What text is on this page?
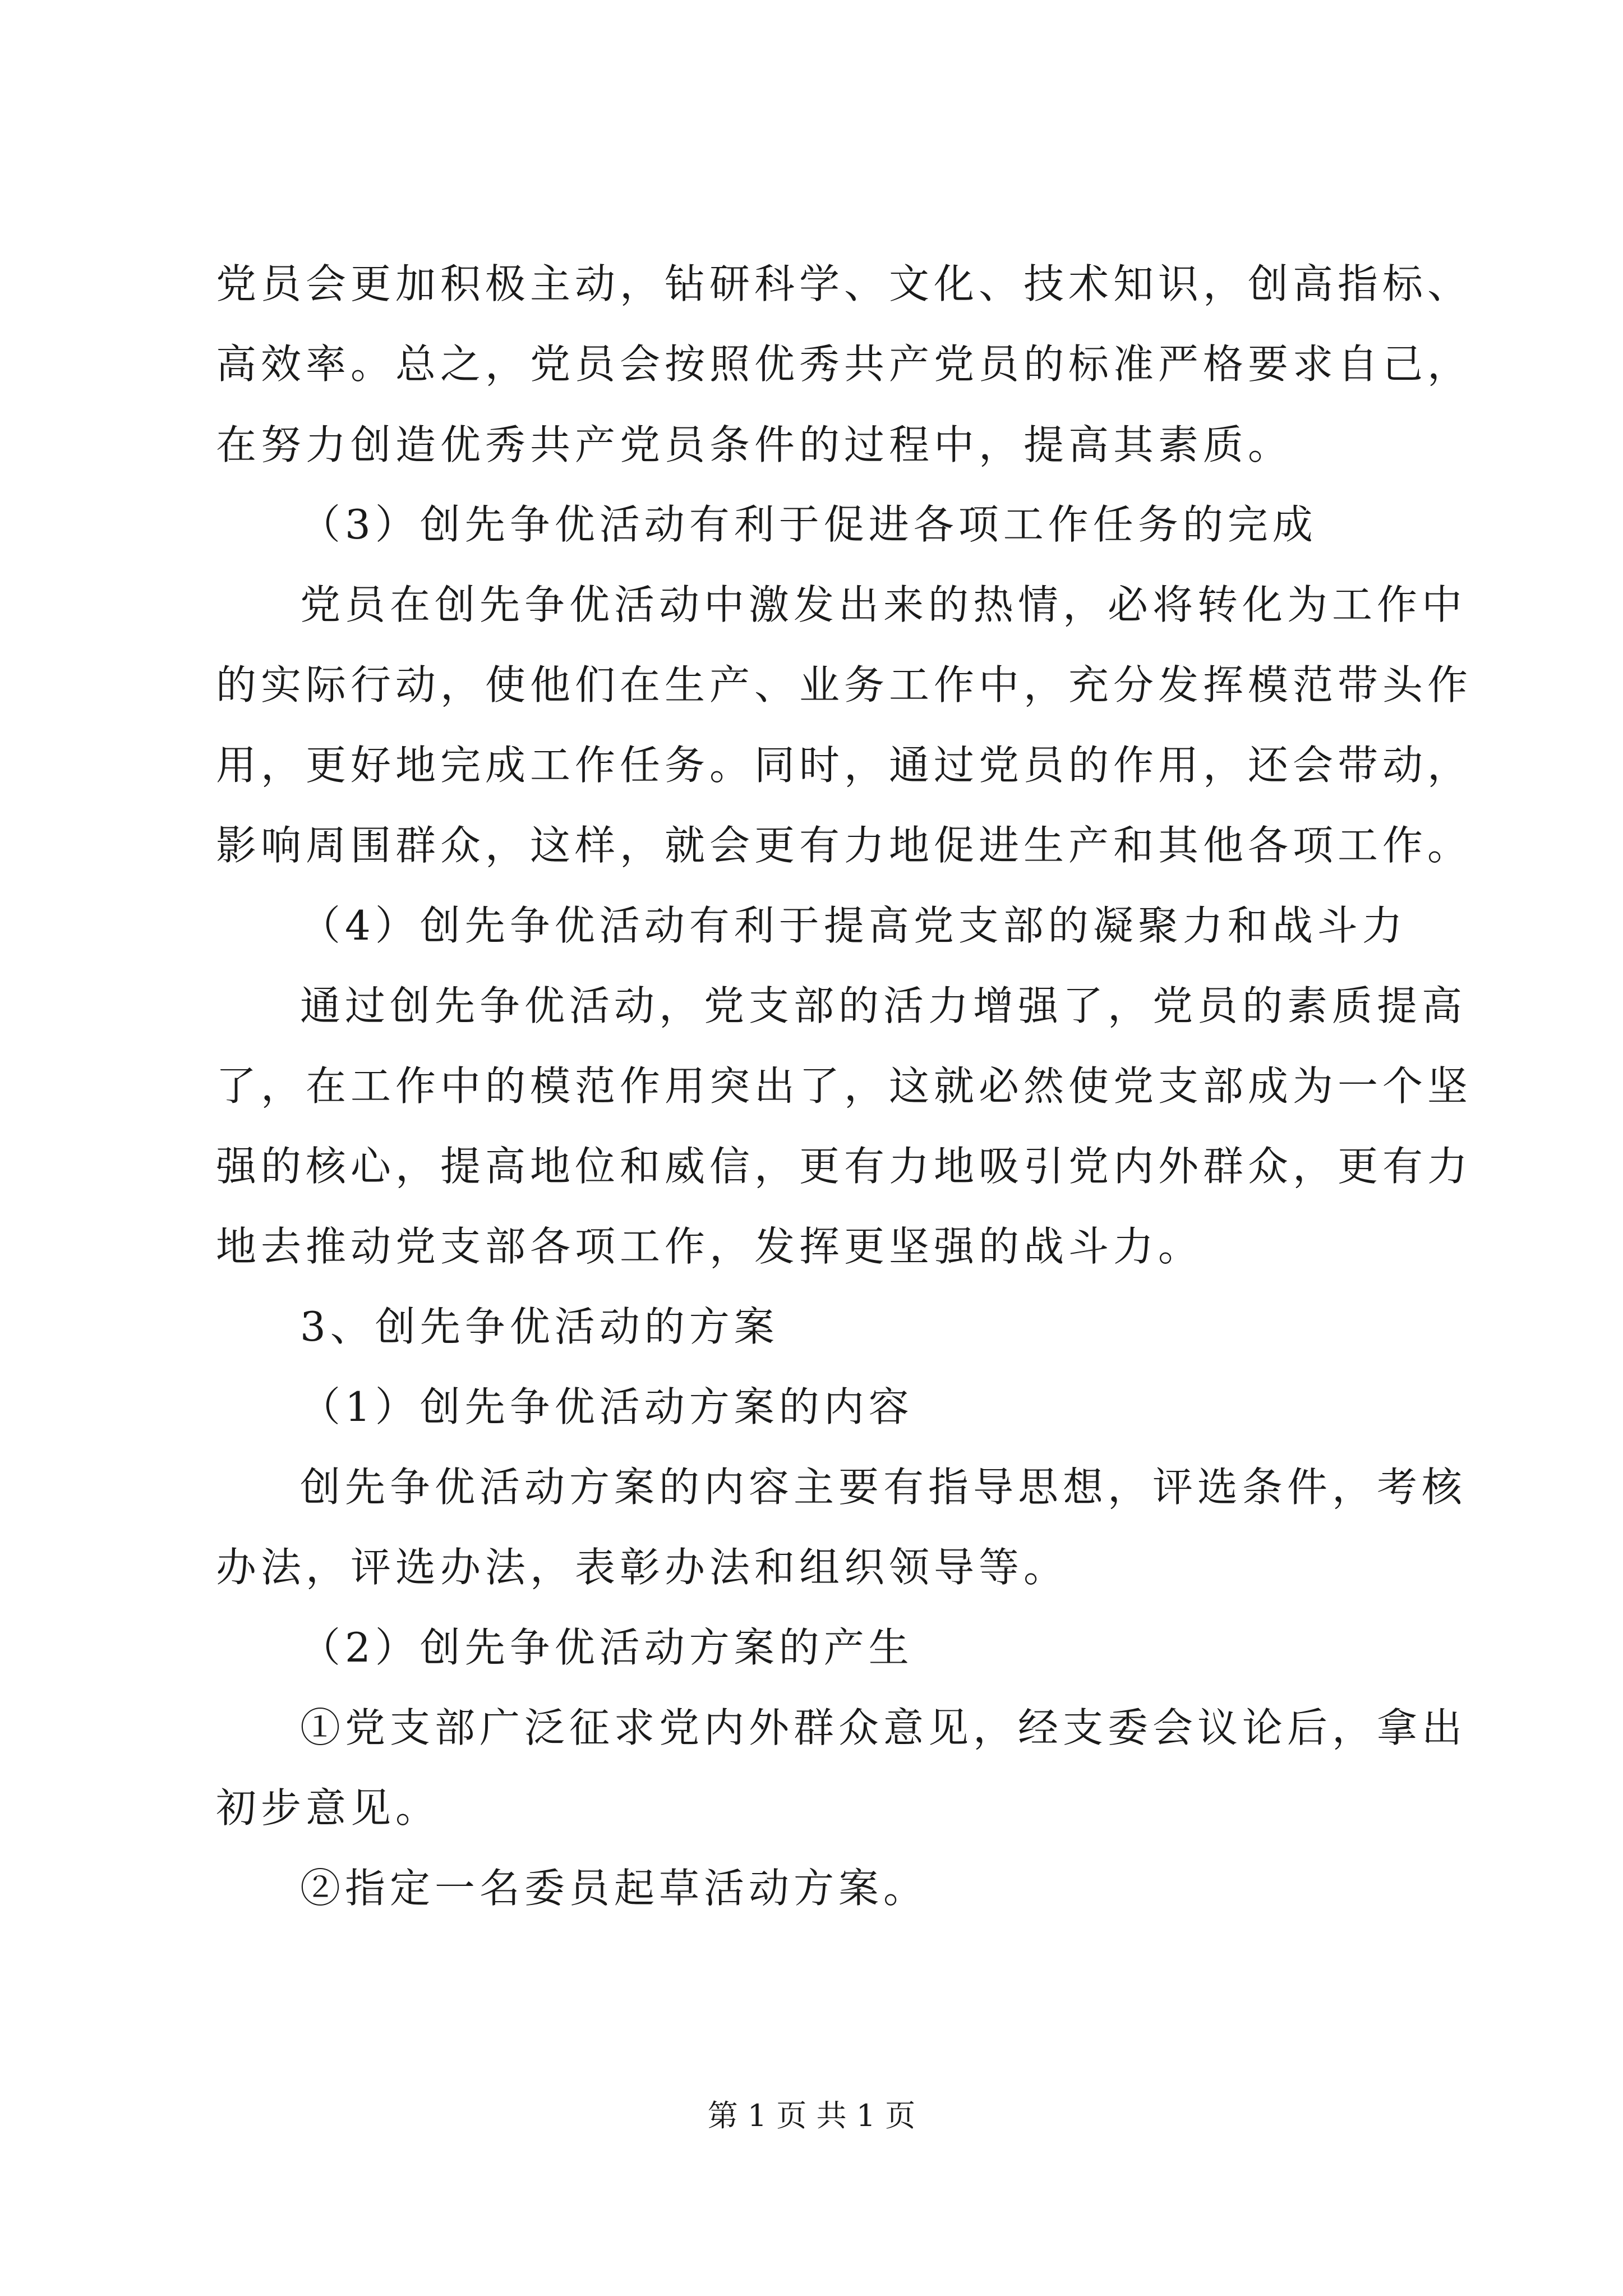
党员会更加积极主动，钻研科学、文化、技术知识，创高指标、
高效率。总之，党员会按照优秀共产党员的标准严格要求自己，
在努力创造优秀共产党员条件的过程中，提高其素质。
（3）创先争优活动有利于促进各项工作任务的完成
党员在创先争优活动中激发出来的热情，必将转化为工作中
的实际行动，使他们在生产、业务工作中，充分发挥模范带头作
用，更好地完成工作任务。同时，通过党员的作用，还会带动，
影响周围群众，这样，就会更有力地促进生产和其他各项工作。
（4）创先争优活动有利于提高党支部的凝聚力和战斗力
通过创先争优活动，党支部的活力增强了，党员的素质提高
了，在工作中的模范作用突出了，这就必然使党支部成为一个坚
强的核心，提高地位和威信，更有力地吸引党内外群众，更有力
地去推动党支部各项工作，发挥更坚强的战斗力。
3、创先争优活动的方案
（1）创先争优活动方案的内容
创先争优活动方案的内容主要有指导思想，评选条件，考核
办法，评选办法，表彰办法和组织领导等。
（2）创先争优活动方案的产生
①党支部广泛征求党内外群众意见，经支委会议论后，拿出
初步意见。
②指定一名委员起草活动方案。
第 1 页 共 1 页
